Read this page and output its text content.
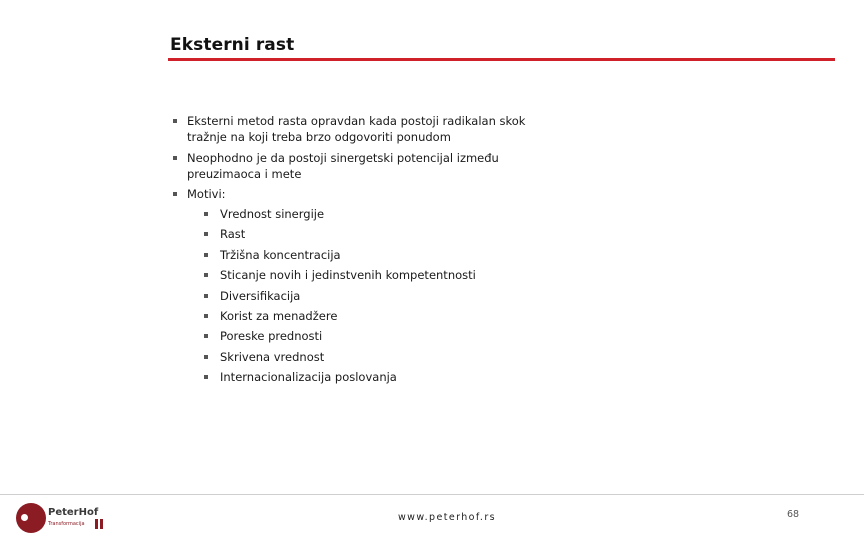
Eksterni rast
Eksterni metod rasta opravdan kada postoji radikalan skok tražnje na koji treba brzo odgovoriti ponudom
Neophodno je da postoji sinergetski potencijal između preuzimaoca i mete
Motivi:
Vrednost sinergije
Rast
Tržišna koncentracija
Sticanje novih i jedinstvenih kompetentnosti
Diversifikacija
Korist za menadžere
Poreske prednosti
Skrivena vrednost
Internacionalizacija poslovanja
PeterHof
Transformacija
www.peterhof.rs	68
